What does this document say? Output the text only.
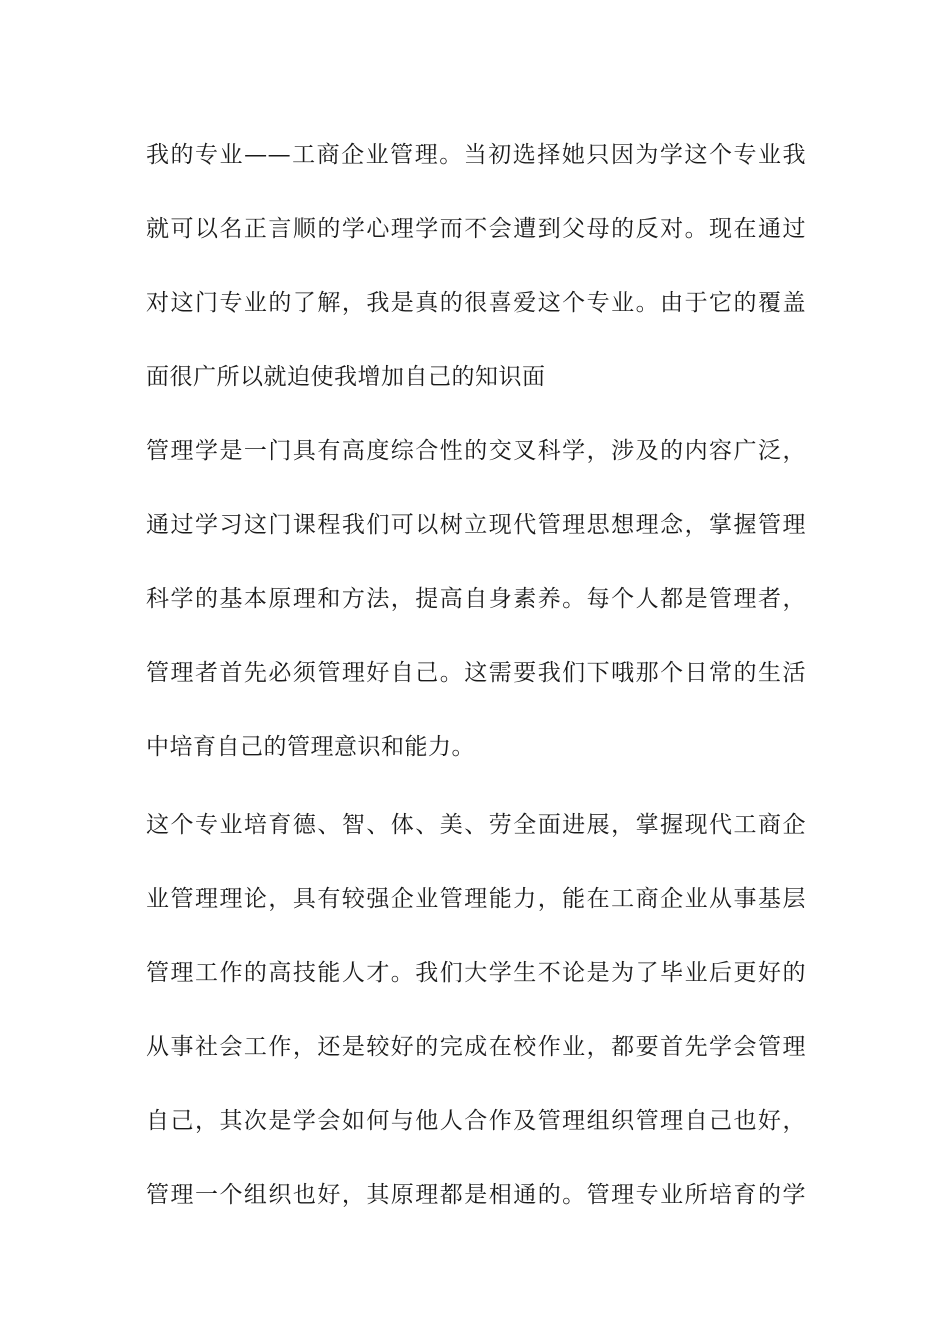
我的专业——工商企业管理。当初选择她只因为学这个专业我
就可以名正言顺的学心理学而不会遭到父母的反对。现在通过
对这门专业的了解，我是真的很喜爱这个专业。由于它的覆盖
面很广所以就迫使我增加自己的知识面
管理学是一门具有高度综合性的交叉科学，涉及的内容广泛，
通过学习这门课程我们可以树立现代管理思想理念，掌握管理
科学的基本原理和方法，提高自身素养。每个人都是管理者，
管理者首先必须管理好自己。这需要我们下哦那个日常的生活
中培育自己的管理意识和能力。
这个专业培育德、智、体、美、劳全面进展，掌握现代工商企
业管理理论，具有较强企业管理能力，能在工商企业从事基层
管理工作的高技能人才。我们大学生不论是为了毕业后更好的
从事社会工作，还是较好的完成在校作业，都要首先学会管理
自己，其次是学会如何与他人合作及管理组织管理自己也好，
管理一个组织也好，其原理都是相通的。管理专业所培育的学
